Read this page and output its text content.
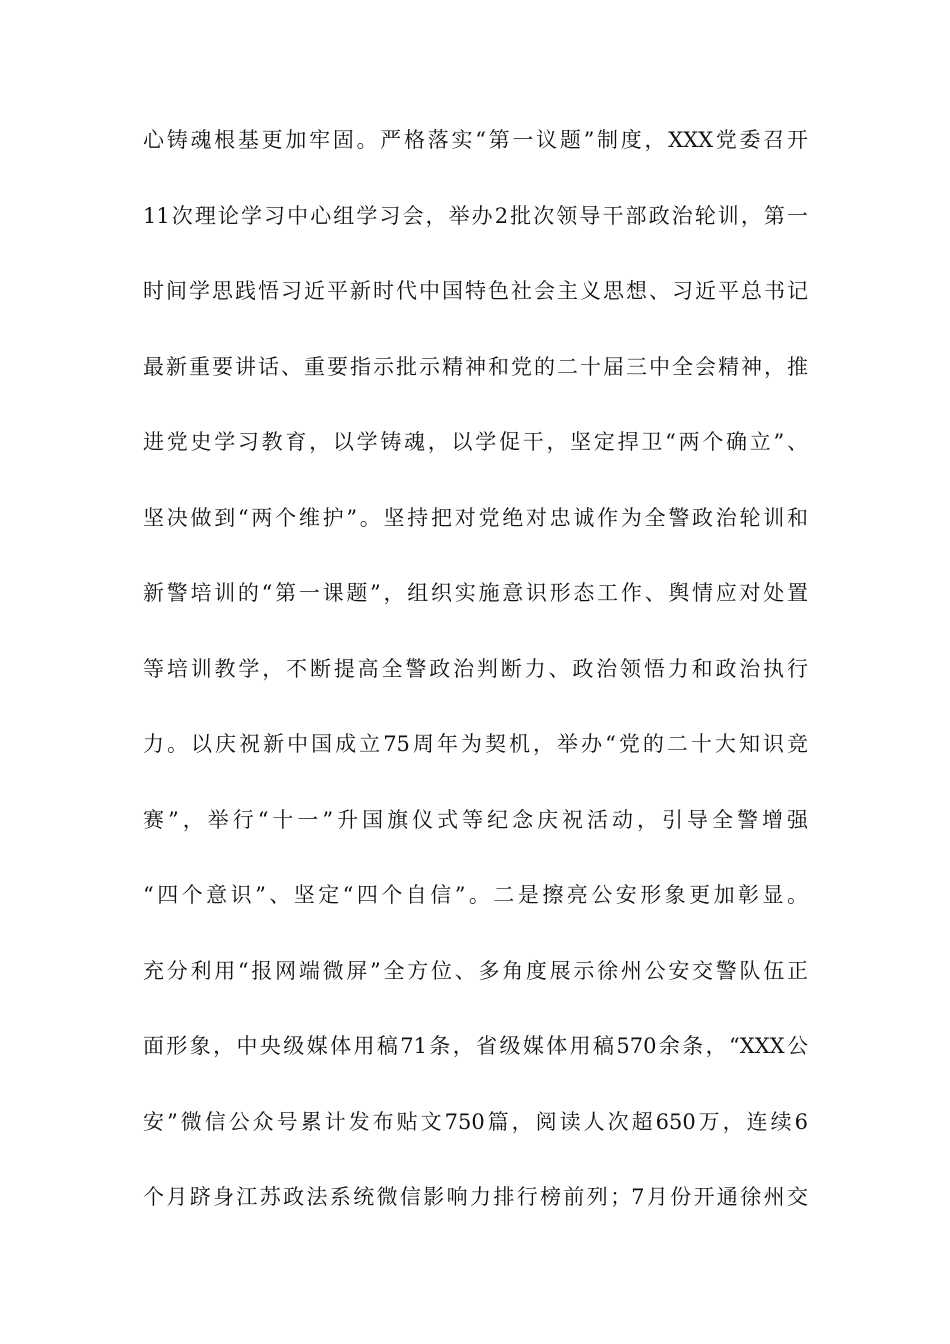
心铸魂根基更加牢固。严格落实“第一议题”制度，XXX党委召开
11次理论学习中心组学习会，举办2批次领导干部政治轮训，第一
时间学思践悟习近平新时代中国特色社会主义思想、习近平总书记
最新重要讲话、重要指示批示精神和党的二十届三中全会精神，推
进党史学习教育，以学铸魂，以学促干，坚定捍卫“两个确立”、
坚决做到“两个维护”。坚持把对党绝对忠诚作为全警政治轮训和
新警培训的“第一课题”，组织实施意识形态工作、舆情应对处置
等培训教学，不断提高全警政治判断力、政治领悟力和政治执行
力。以庆祝新中国成立75周年为契机，举办“党的二十大知识竞
赛”，举行“十一”升国旗仪式等纪念庆祝活动，引导全警增强
“四个意识”、坚定“四个自信”。二是擦亮公安形象更加彰显。
充分利用“报网端微屏”全方位、多角度展示徐州公安交警队伍正
面形象，中央级媒体用稿71条，省级媒体用稿570余条，“XXX公
安”微信公众号累计发布贴文750篇，阅读人次超650万，连续6
个月跻身江苏政法系统微信影响力排行榜前列；7月份开通徐州交
